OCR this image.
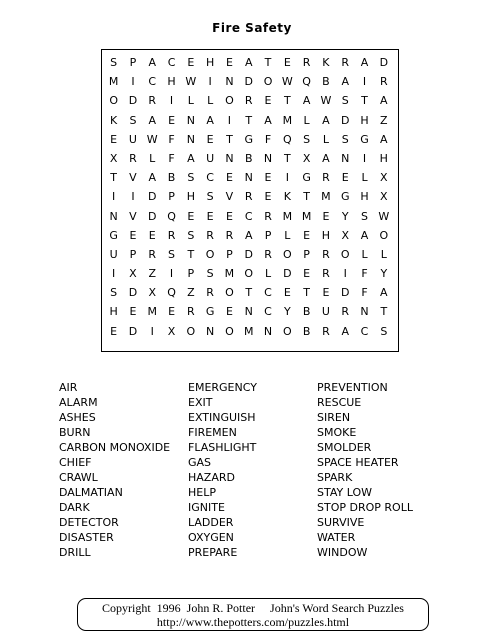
Fire Safety
S	P	A	C	E	H	E	A	T	E	R	K	R	A	D
M	I	C	H W	I	N D O W Q	B	A	I	R
O D	R	I	L	L	O	R	E	T	A W S	T	A
K	S	A	E	N	A	I	T	A M	L	A	D H	Z
E	U W F	N	E	T	G	F	Q	S	L	S	G	A
X	R	L	F	A	U	N	B	N	T	X	A	N	I	H
T	V	A	B	S	C	E	N	E	I	G	R	E	L	X
I	I	D	P	H	S	V	R	E	K	T	M G H	X
N	V	D Q	E	E	E	C	R M M	E	Y	S W
G	E	E	R	S	R	R	A	P	L	E	H	X	A	O
U	P	R	S	T	O	P	D	R	O	P	R	O	L	L
I	X	Z	I	P	S	M O	L	D	E	R	I	F	Y
S	D	X	Q	Z	R	O	T	C	E	T	E	D	F	A
H	E	M	E	R	G	E	N	C	Y	B	U	R	N	T
E	D	I	X	O N O M N O	B	R	A	C	S
AIR
ALARM
ASHES
BURN
CARBON MONOXIDE
CHIEF
CRAWL
DALMATIAN
DARK
DETECTOR
DISASTER
DRILL
EMERGENCY
EXIT
EXTINGUISH
FIREMEN
FLASHLIGHT
GAS
HAZARD
HELP
IGNITE
LADDER
OXYGEN
PREPARE
PREVENTION
RESCUE
SIREN
SMOKE
SMOLDER
SPACE HEATER
SPARK
STAY LOW
STOP DROP ROLL
SURVIVE
WATER
WINDOW
Copyright  1996  John R. Potter     John's Word Search Puzzles
http://www.thepotters.com/puzzles.html
